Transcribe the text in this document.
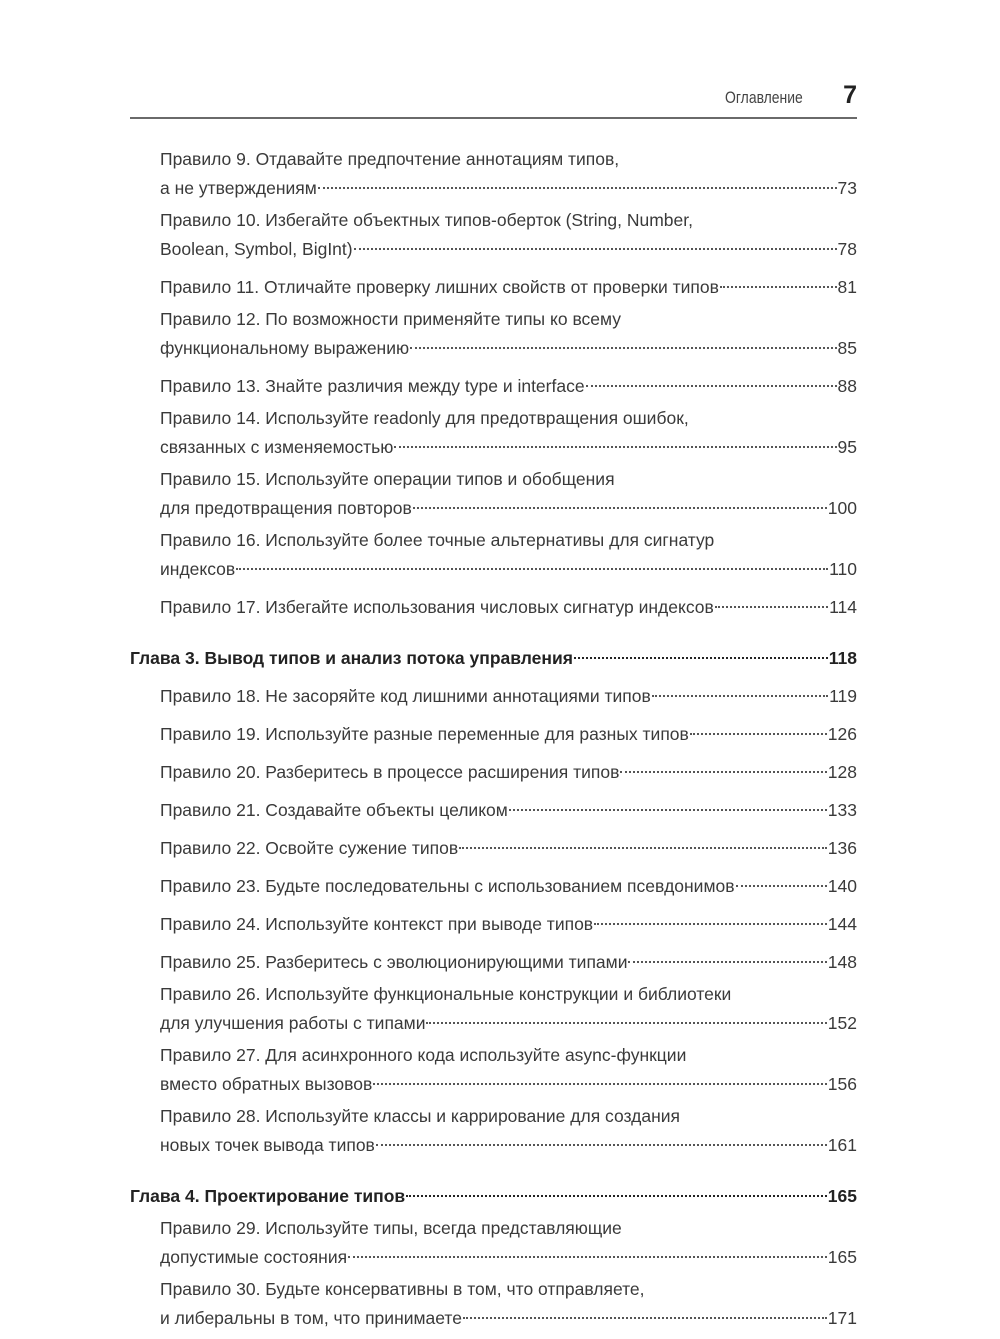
Оглавление 7
Правило 9. Отдавайте предпочтение аннотациям типов,
а не утверждениям	73
Правило 10. Избегайте объектных типов-оберток (String, Number,
Boolean, Symbol, BigInt)	78
Правило 11. Отличайте проверку лишних свойств от проверки типов	81
Правило 12. По возможности применяйте типы ко всему
функциональному выражению	85
Правило 13. Знайте различия между type и interface	88
Правило 14. Используйте readonly для предотвращения ошибок,
связанных с изменяемостью	95
Правило 15. Используйте операции типов и обобщения
для предотвращения повторов	100
Правило 16. Используйте более точные альтернативы для сигнатур
индексов	110
Правило 17. Избегайте использования числовых сигнатур индексов	114
Глава 3. Вывод типов и анализ потока управления	118
Правило 18. Не засоряйте код лишними аннотациями типов	119
Правило 19. Используйте разные переменные для разных типов	126
Правило 20. Разберитесь в процессе расширения типов	128
Правило 21. Создавайте объекты целиком	133
Правило 22. Освойте сужение типов	136
Правило 23. Будьте последовательны с использованием псевдонимов	140
Правило 24. Используйте контекст при выводе типов	144
Правило 25. Разберитесь с эволюционирующими типами	148
Правило 26. Используйте функциональные конструкции и библиотеки
для улучшения работы с типами	152
Правило 27. Для асинхронного кода используйте async-функции
вместо обратных вызовов	156
Правило 28. Используйте классы и каррирование для создания
новых точек вывода типов	161
Глава 4. Проектирование типов	165
Правило 29. Используйте типы, всегда представляющие
допустимые состояния	165
Правило 30. Будьте консервативны в том, что отправляете,
и либеральны в том, что принимаете	171
